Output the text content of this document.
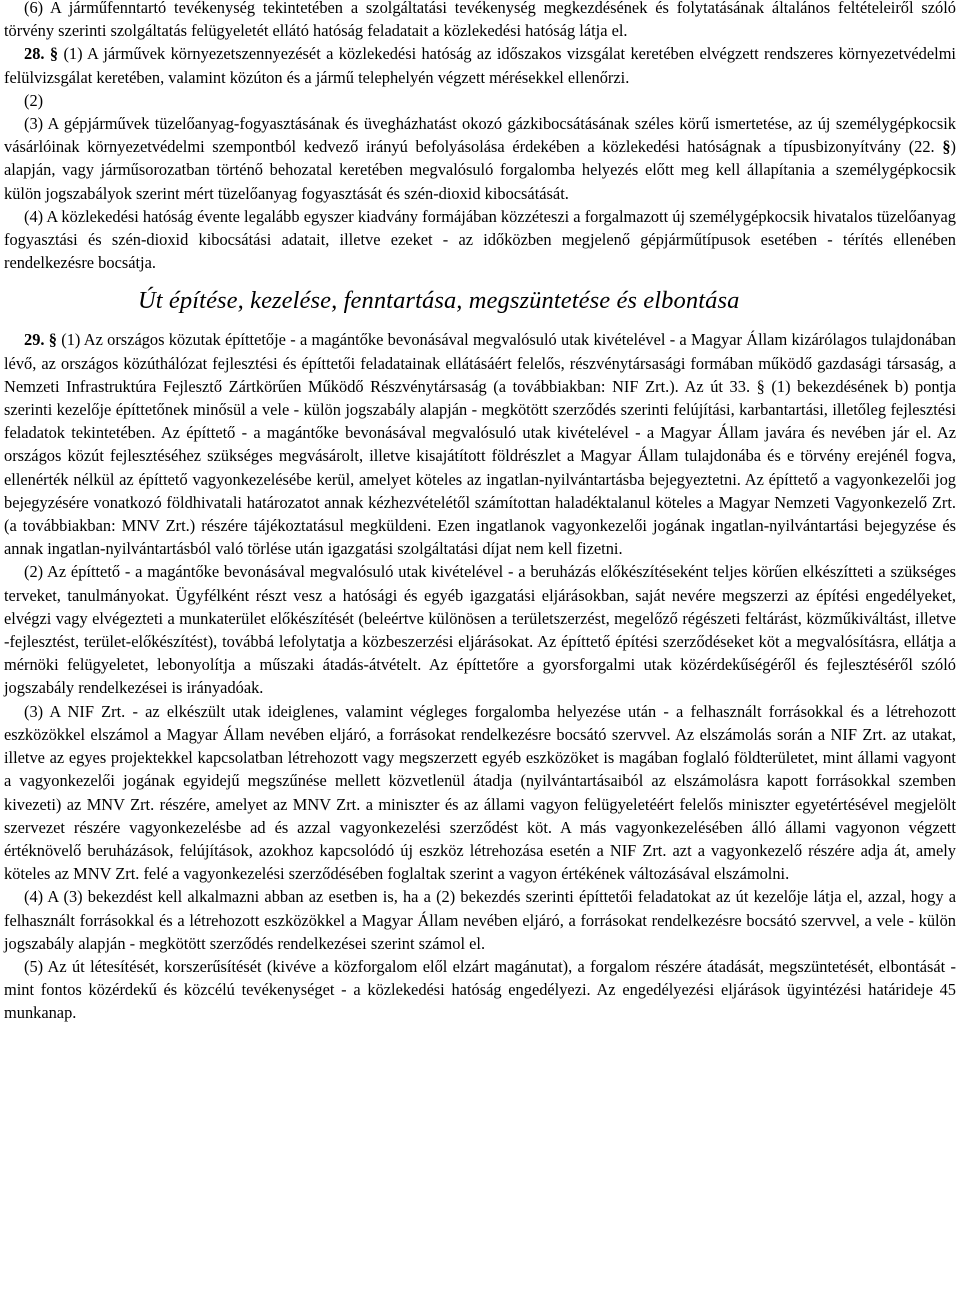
(6) A járműfenntartó tevékenység tekintetében a szolgáltatási tevékenység megkezdésének és folytatásának általános feltételeiről szóló törvény szerinti szolgáltatás felügyeletét ellátó hatóság feladatait a közlekedési hatóság látja el.

28. § (1) A járművek környezetszennyezését a közlekedési hatóság az időszakos vizsgálat keretében elvégzett rendszeres környezetvédelmi felülvizsgálat keretében, valamint közúton és a jármű telephelyén végzett mérésekkel ellenőrzi.

(2)

(3) A gépjárművek tüzelőanyag-fogyasztásának és üvegházhatást okozó gázkibocsátásának széles körű ismertetése, az új személygépkocsik vásárlóinak környezetvédelmi szempontból kedvező irányú befolyásolása érdekében a közlekedési hatóságnak a típusbizonyítvány (22. §) alapján, vagy járműsorozatban történő behozatal keretében megvalósuló forgalomba helyezés előtt meg kell állapítania a személygépkocsik külön jogszabályok szerint mért tüzelőanyag fogyasztását és szén-dioxid kibocsátását.

(4) A közlekedési hatóság évente legalább egyszer kiadvány formájában közzéteszi a forgalmazott új személygépkocsik hivatalos tüzelőanyag fogyasztási és szén-dioxid kibocsátási adatait, illetve ezeket - az időközben megjelenő gépjárműtípusok esetében - térítés ellenében rendelkezésre bocsátja.

Út építése, kezelése, fenntartása, megszüntetése és elbontása

29. § (1) Az országos közutak építtetője - a magántőke bevonásával megvalósuló utak kivételével - a Magyar Állam kizárólagos tulajdonában lévő, az országos közúthálózat fejlesztési és építtetői feladatainak ellátásáért felelős, részvénytársasági formában működő gazdasági társaság, a Nemzeti Infrastruktúra Fejlesztő Zártkörűen Működő Részvénytársaság (a továbbiakban: NIF Zrt.). Az út 33. § (1) bekezdésének b) pontja szerinti kezelője építtetőnek minősül a vele - külön jogszabály alapján - megkötött szerződés szerinti felújítási, karbantartási, illetőleg fejlesztési feladatok tekintetében. Az építtető - a magántőke bevonásával megvalósuló utak kivételével - a Magyar Állam javára és nevében jár el. Az országos közút fejlesztéséhez szükséges megvásárolt, illetve kisajátított földrészlet a Magyar Állam tulajdonába és e törvény erejénél fogva, ellenérték nélkül az építtető vagyonkezelésébe kerül, amelyet köteles az ingatlan-nyilvántartásba bejegyeztetni. Az építtető a vagyonkezelői jog bejegyzésére vonatkozó földhivatali határozatot annak kézhezvételétől számítottan haladéktalanul köteles a Magyar Nemzeti Vagyonkezelő Zrt. (a továbbiakban: MNV Zrt.) részére tájékoztatásul megküldeni. Ezen ingatlanok vagyonkezelői jogának ingatlan-nyilvántartási bejegyzése és annak ingatlan-nyilvántartásból való törlése után igazgatási szolgáltatási díjat nem kell fizetni.

(2) Az építtető - a magántőke bevonásával megvalósuló utak kivételével - a beruházás előkészítéseként teljes körűen elkészítteti a szükséges terveket, tanulmányokat. Ügyfélként részt vesz a hatósági és egyéb igazgatási eljárásokban, saját nevére megszerzi az építési engedélyeket, elvégzi vagy elvégezteti a munkaterület előkészítését (beleértve különösen a területszerzést, megelőző régészeti feltárást, közműkiváltást, illetve -fejlesztést, terület-előkészítést), továbbá lefolytatja a közbeszerzési eljárásokat. Az építtető építési szerződéseket köt a megvalósításra, ellátja a mérnöki felügyeletet, lebonyolítja a műszaki átadás-átvételt. Az építtetőre a gyorsforgalmi utak közérdekűségéről és fejlesztéséről szóló jogszabály rendelkezései is irányadóak.

(3) A NIF Zrt. - az elkészült utak ideiglenes, valamint végleges forgalomba helyezése után - a felhasznált forrásokkal és a létrehozott eszközökkel elszámol a Magyar Állam nevében eljáró, a forrásokat rendelkezésre bocsátó szervvel. Az elszámolás során a NIF Zrt. az utakat, illetve az egyes projektekkel kapcsolatban létrehozott vagy megszerzett egyéb eszközöket is magában foglaló földterületet, mint állami vagyont a vagyonkezelői jogának egyidejű megszűnése mellett közvetlenül átadja (nyilvántartásaiból az elszámolásra kapott forrásokkal szemben kivezeti) az MNV Zrt. részére, amelyet az MNV Zrt. a miniszter és az állami vagyon felügyeletéért felelős miniszter egyetértésével megjelölt szervezet részére vagyonkezelésbe ad és azzal vagyonkezelési szerződést köt. A más vagyonkezelésében álló állami vagyonon végzett értéknövelő beruházások, felújítások, azokhoz kapcsolódó új eszköz létrehozása esetén a NIF Zrt. azt a vagyonkezelő részére adja át, amely köteles az MNV Zrt. felé a vagyonkezelési szerződésében foglaltak szerint a vagyon értékének változásával elszámolni.

(4) A (3) bekezdést kell alkalmazni abban az esetben is, ha a (2) bekezdés szerinti építtetői feladatokat az út kezelője látja el, azzal, hogy a felhasznált forrásokkal és a létrehozott eszközökkel a Magyar Állam nevében eljáró, a forrásokat rendelkezésre bocsátó szervvel, a vele - külön jogszabály alapján - megkötött szerződés rendelkezései szerint számol el.

(5) Az út létesítését, korszerűsítését (kivéve a közforgalom elől elzárt magánutat), a forgalom részére átadását, megszüntetését, elbontását - mint fontos közérdekű és közcélú tevékenységet - a közlekedési hatóság engedélyezi. Az engedélyezési eljárások ügyintézési határideje 45 munkanap.
